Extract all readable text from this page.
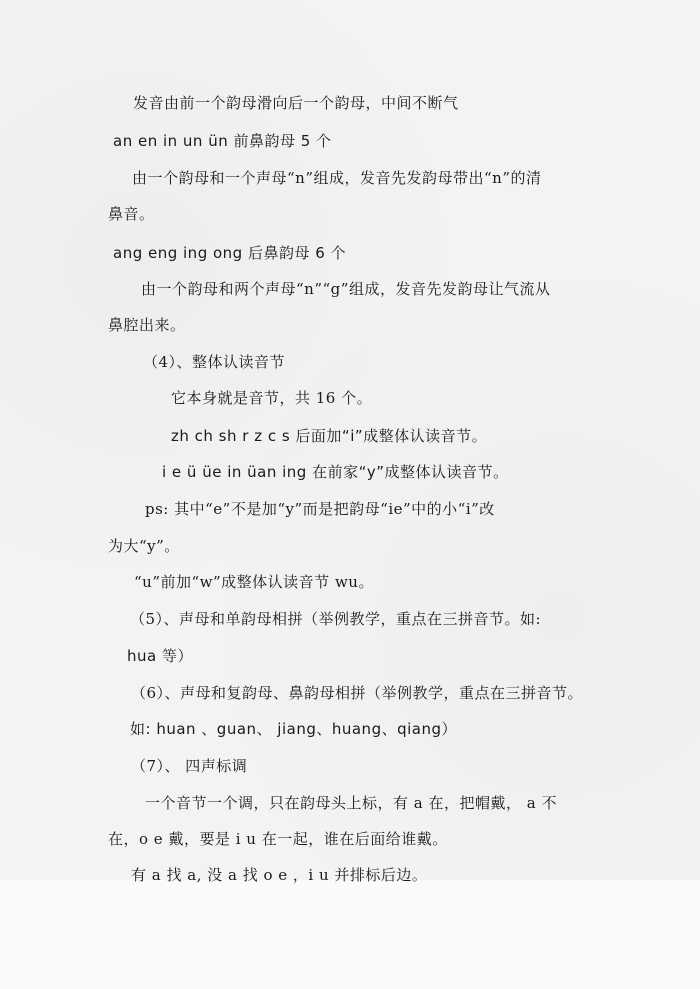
发音由前一个韵母滑向后一个韵母，中间不断气
an en in un ün 前鼻韵母 5 个
由一个韵母和一个声母“n”组成，发音先发韵母带出“n”的清
鼻音。
ang eng ing ong 后鼻韵母 6 个
由一个韵母和两个声母“n”“g”组成，发音先发韵母让气流从
鼻腔出来。
（4）、整体认读音节
它本身就是音节，共 16 个。
zh ch sh r z c s 后面加“i”成整体认读音节。
i e ü üe in üan ing 在前家“y”成整体认读音节。
ps: 其中“e”不是加“y”而是把韵母“ie”中的小“i”改
为大“y”。
“u”前加“w”成整体认读音节 wu。
（5）、声母和单韵母相拼（举例教学，重点在三拼音节。如:
hua 等）
（6）、声母和复韵母、鼻韵母相拼（举例教学，重点在三拼音节。
如: huan 、guan、 jiang、huang、qiang）
（7）、 四声标调
一个音节一个调，只在韵母头上标，有 a 在，把帽戴， a 不
在，o e 戴，要是 i u 在一起，谁在后面给谁戴。
有 a 找 a, 没 a 找 o e ，i u 并排标后边。
